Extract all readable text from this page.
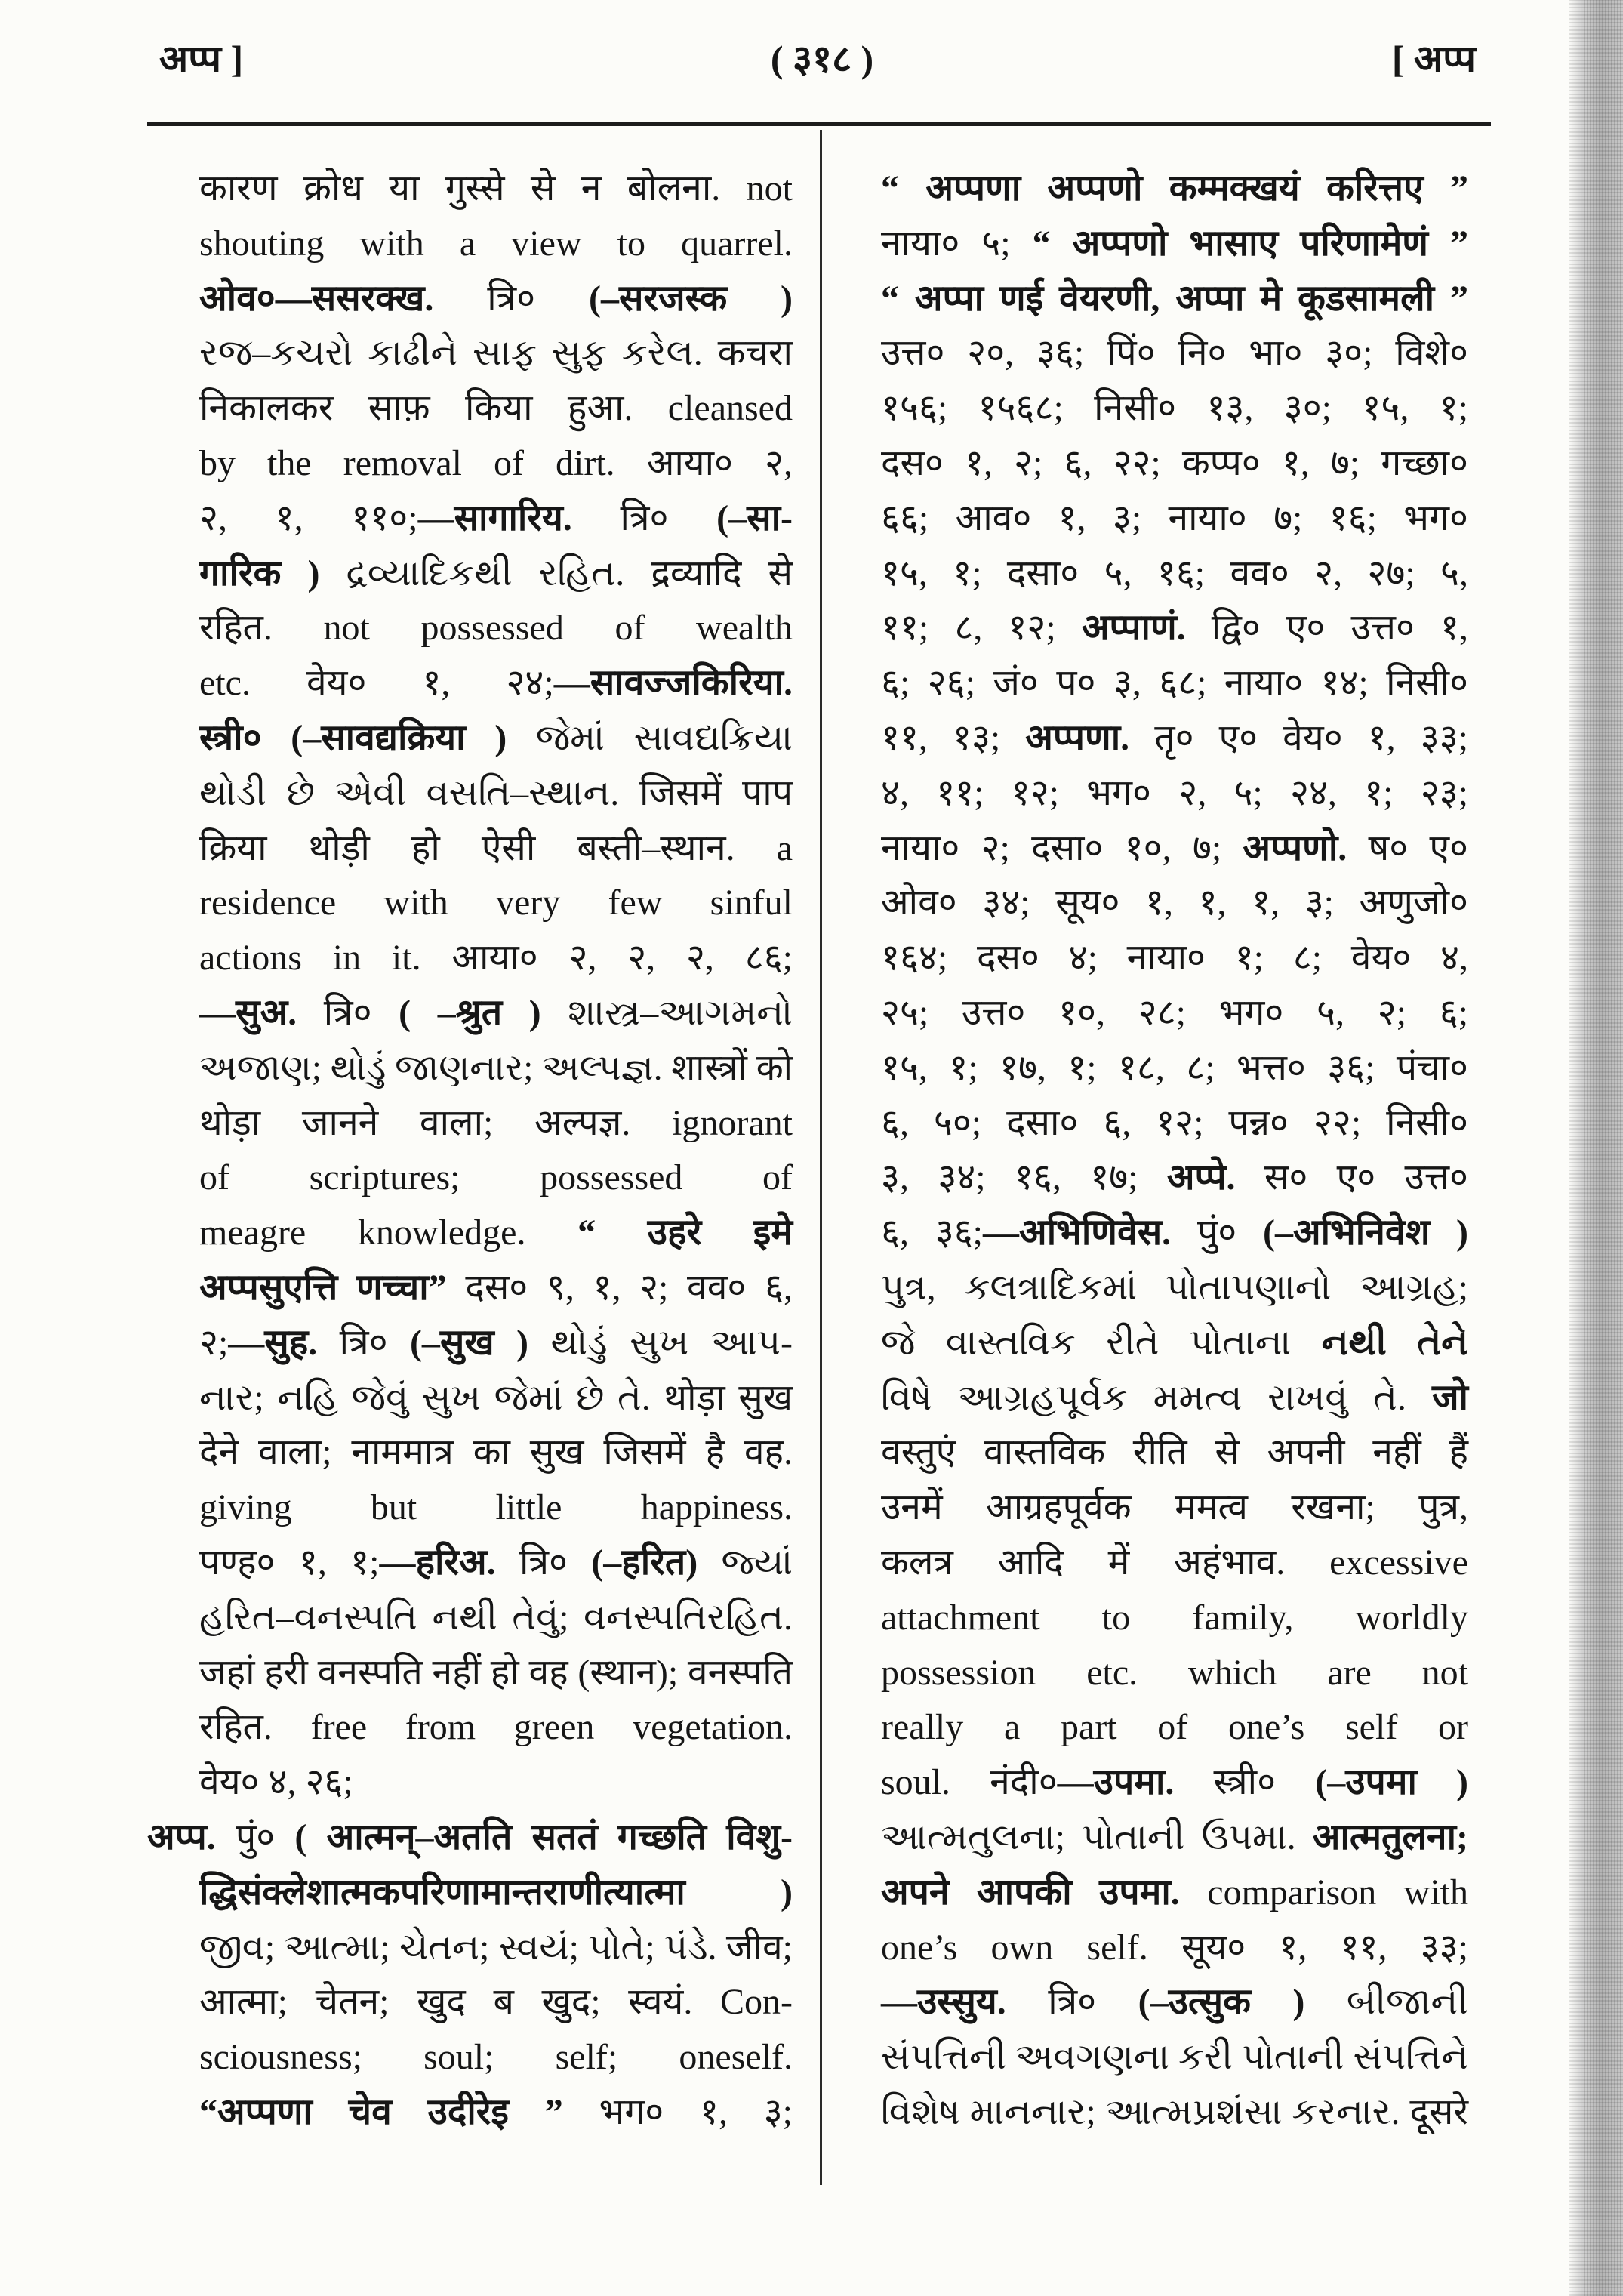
अप्प ]	( ३१८ )	[ अप्प
कारण क्रोध या गुस्से से न बोलना. not
shouting with a view to quarrel.
ओव०—ससरक्ख. त्रि० (–सरजस्क )
રજ–કચરો કાઢીને સાફ સુફ કરેલ. कचरा
निकालकर साफ़ किया हुआ. cleansed
by the removal of dirt. आया० २,
२, १, ११०;—सागारिय. त्रि० (–सा-
गारिक ) દ્રવ્યાદિકથી રહિત. द्रव्यादि से
रहित. not possessed of wealth
etc. वेय० १, २४;—सावज्जकिरिया.
स्त्री० (–सावद्यक्रिया ) જેમાં સાવદ્યક્રિયા
થોડી છે એવી વસતિ–સ્થાન. जिसमें पाप
क्रिया थोड़ी हो ऐसी बस्ती–स्थान. a
residence with very few sinful
actions in it. आया० २, २, २, ८६;
—सुअ. त्रि० ( –श्रुत ) શાસ્ત્ર–આગમનો
અજાણ; થોડું જાણનાર; અલ્પજ્ઞ. शास्त्रों को
थोड़ा जानने वाला; अल्पज्ञ. ignorant
of scriptures; possessed of
meagre knowledge. “ उहरे इमे
अप्पसुएत्ति णच्चा” दस० ९, १, २; वव० ६,
२;—सुह. त्रि० (–सुख ) થોડું સુખ આપ-
નાર; નહિ જેવું સુખ જેમાં છે તે. थोड़ा सुख
देने वाला; नाममात्र का सुख जिसमें है वह.
giving but little happiness.
पण्ह० १, १;—हरिअ. त्रि० (–हरित) જ્યાં
હરિત–વનસ્પતિ નથી તેવું; વનસ્પતિરહિત.
जहां हरी वनस्पति नहीं हो वह (स्थान); वनस्पति
रहित. free from green vegetation.
वेय० ४, २६;
अप्प. पुं० ( आत्मन्–अतति सततं गच्छति विशु-
द्धिसंक्लेशात्मकपरिणामान्तराणीत्यात्मा )
જીવ; આત્મા; ચેતન; સ્વયં; પોતે; પંડે. जीव;
आत्मा; चेतन; खुद ब खुद; स्वयं. Con-
sciousness; soul; self; oneself.
“अप्पणा चेव उदीरेइ ” भग० १, ३;
“ अप्पणा अप्पणो कम्मक्खयं करित्तए ”
नाया० ५; “ अप्पणो भासाए परिणामेणं ”
“ अप्पा णई वेयरणी, अप्पा मे कूडसामली ”
उत्त० २०, ३६; पिं० नि० भा० ३०; विशे०
१५६; १५६८; निसी० १३, ३०; १५, १;
दस० १, २; ६, २२; कप्प० १, ७; गच्छा०
६६; आव० १, ३; नाया० ७; १६; भग०
१५, १; दसा० ५, १६; वव० २, २७; ५,
११; ८, १२; अप्पाणं. द्वि० ए० उत्त० १,
६; २६; जं० प० ३, ६८; नाया० १४; निसी०
११, १३; अप्पणा. तृ० ए० वेय० १, ३३;
४, ११; १२; भग० २, ५; २४, १; २३;
नाया० २; दसा० १०, ७; अप्पणो. ष० ए०
ओव० ३४; सूय० १, १, १, ३; अणुजो०
१६४; दस० ४; नाया० १; ८; वेय० ४,
२५; उत्त० १०, २८; भग० ५, २; ६;
१५, १; १७, १; १८, ८; भत्त० ३६; पंचा०
६, ५०; दसा० ६, १२; पन्न० २२; निसी०
३, ३४; १६, १७; अप्पे. स० ए० उत्त०
६, ३६;—अभिणिवेस. पुं० (–अभिनिवेश )
પુત્ર, કલત્રાદિકમાં પોતાપણાનો આગ્રહ;
જે વાસ્તવિક રીતે પોતાના નથી તેને
વિષે આગ્રહપૂર્વક મમત્વ રાખવું તે. जो
वस्तुएं वास्तविक रीति से अपनी नहीं हैं
उनमें आग्रहपूर्वक ममत्व रखना; पुत्र,
कलत्र आदि में अहंभाव. excessive
attachment to family, worldly
possession etc. which are not
really a part of one’s self or
soul. नंदी०—उपमा. स्त्री० (–उपमा )
આત્મતુલના; પોતાની ઉપમા. आत्मतुलना;
अपने आपकी उपमा. comparison with
one’s own self. सूय० १, ११, ३३;
—उस्सुय. त्रि० (–उत्सुक ) બીજાની
સંપત્તિની અવગણના કરી પોતાની સંપત્તિને
વિશેષ માનનાર; આત્મપ્રશંસા કરનાર. दूसरे
